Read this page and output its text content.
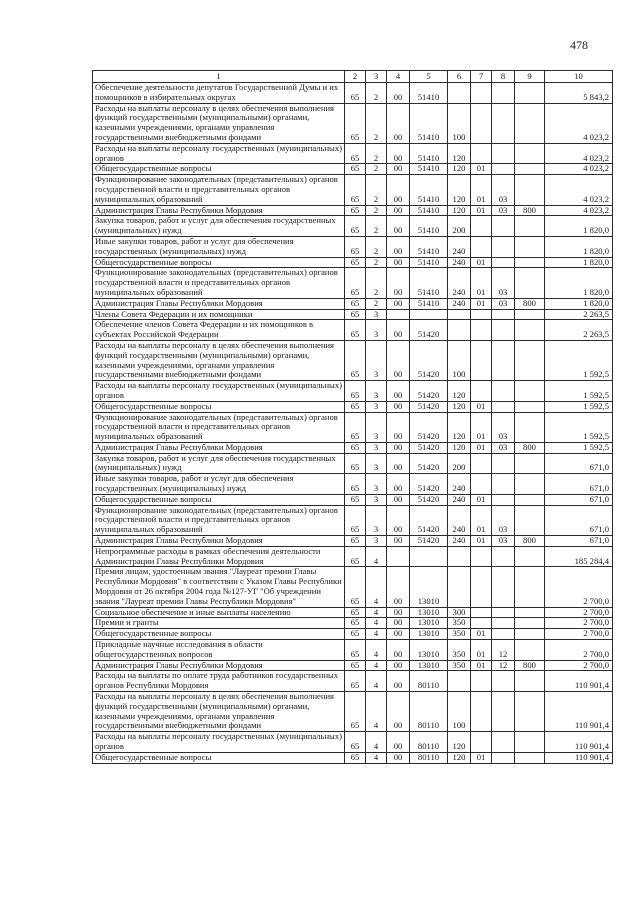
478
1	2	3	4	5	6	7	8	9	10
Обеспечение деятельности депутатов Государственной Думы и их помощников в избирательных округах	65	2	00	51410					5 843,2
Расходы на выплаты персоналу в целях обеспечения выполнения функций государственными (муниципальными) органами, казенными учреждениями, органами управления государственными внебюджетными фондами	65	2	00	51410	100				4 023,2
Расходы на выплаты персоналу государственных (муниципальных) органов	65	2	00	51410	120				4 023,2
Общегосударственные вопросы	65	2	00	51410	120	01			4 023,2
Функционирование законодательных (представительных) органов государственной власти и представительных органов муниципальных образований	65	2	00	51410	120	01	03		4 023,2
Администрация Главы Республики Мордовия	65	2	00	51410	120	01	03	800	4 023,2
Закупка товаров, работ и услуг для обеспечения государственных (муниципальных) нужд	65	2	00	51410	200				1 820,0
Иные закупки товаров, работ и услуг для обеспечения государственных (муниципальных) нужд	65	2	00	51410	240				1 820,0
Общегосударственные вопросы	65	2	00	51410	240	01			1 820,0
Функционирование законодательных (представительных) органов государственной власти и представительных органов муниципальных образований	65	2	00	51410	240	01	03		1 820,0
Администрация Главы Республики Мордовия	65	2	00	51410	240	01	03	800	1 820,0
Члены Совета Федерации и их помощники	65	3							2 263,5
Обеспечение членов Совета Федерации и их помощников в субъектах Российской Федерации	65	3	00	51420					2 263,5
Расходы на выплаты персоналу в целях обеспечения выполнения функций государственными (муниципальными) органами, казенными учреждениями, органами управления государственными внебюджетными фондами	65	3	00	51420	100				1 592,5
Расходы на выплаты персоналу государственных (муниципальных) органов	65	3	00	51420	120				1 592,5
Общегосударственные вопросы	65	3	00	51420	120	01			1 592,5
Функционирование законодательных (представительных) органов государственной власти и представительных органов муниципальных образований	65	3	00	51420	120	01	03		1 592,5
Администрация Главы Республики Мордовия	65	3	00	51420	120	01	03	800	1 592,5
Закупка товаров, работ и услуг для обеспечения государственных (муниципальных) нужд	65	3	00	51420	200				671,0
Иные закупки товаров, работ и услуг для обеспечения государственных (муниципальных) нужд	65	3	00	51420	240				671,0
Общегосударственные вопросы	65	3	00	51420	240	01			671,0
Функционирование законодательных (представительных) органов государственной власти и представительных органов муниципальных образований	65	3	00	51420	240	01	03		671,0
Администрация Главы Республики Мордовия	65	3	00	51420	240	01	03	800	671,0
Непрограммные расходы в рамках обеспечения деятельности Администрации Главы Республики Мордовия	65	4							185 284,4
Премия лицам, удостоенным звания "Лауреат премии Главы Республики Мордовия" в соответствии с Указом Главы Республики Мордовия от 26 октября 2004 года №127-УГ "Об учреждении звания "Лауреат премии Главы Республики Мордовия"	65	4	00	13010					2 700,0
Социальное обеспечение и иные выплаты населению	65	4	00	13010	300				2 700,0
Премии и гранты	65	4	00	13010	350				2 700,0
Общегосударственные вопросы	65	4	00	13010	350	01			2 700,0
Прикладные научные исследования в области общегосударственных вопросов	65	4	00	13010	350	01	12		2 700,0
Администрация Главы Республики Мордовия	65	4	00	13010	350	01	12	800	2 700,0
Расходы на выплаты по оплате труда работников государственных органов Республики Мордовия	65	4	00	80110					110 901,4
Расходы на выплаты персоналу в целях обеспечения выполнения функций государственными (муниципальными) органами, казенными учреждениями, органами управления государственными внебюджетными фондами	65	4	00	80110	100				110 901,4
Расходы на выплаты персоналу государственных (муниципальных) органов	65	4	00	80110	120				110 901,4
Общегосударственные вопросы	65	4	00	80110	120	01			110 901,4
